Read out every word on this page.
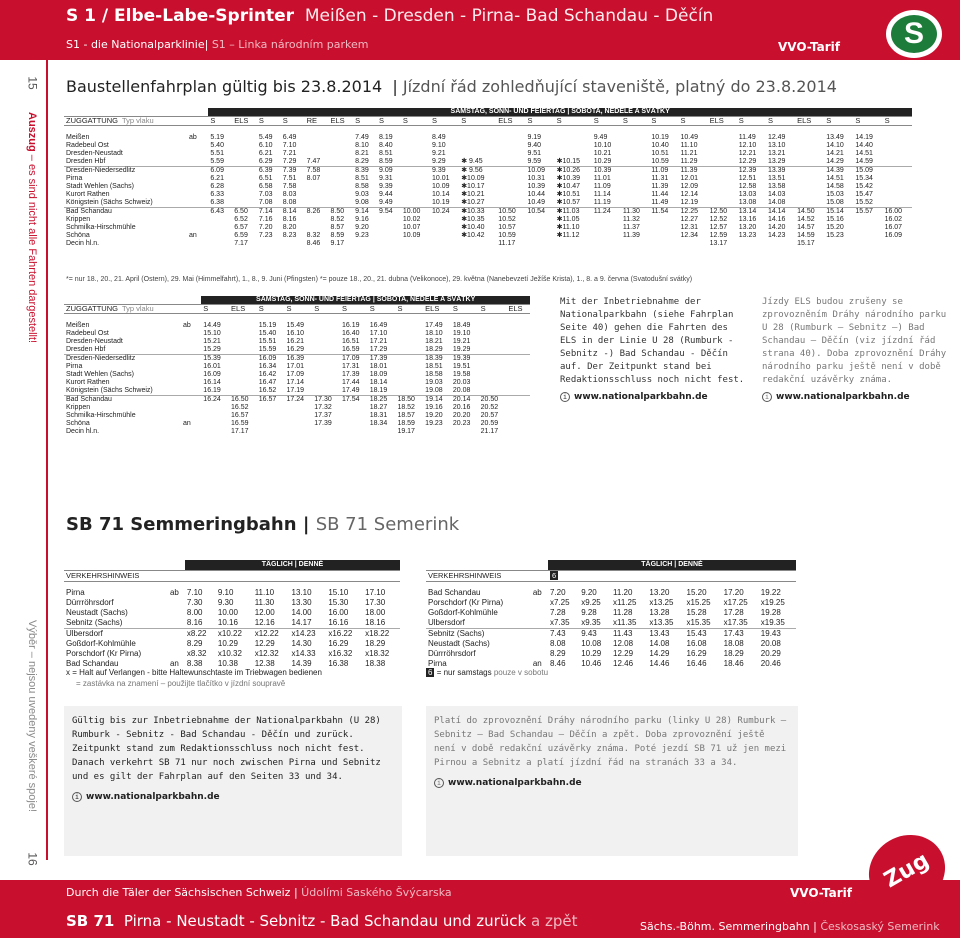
S 1 / Elbe-Labe-Sprinter Meißen - Dresden - Pirna- Bad Schandau - Děčín
S1 - die Nationalparklinie| S1 – Linka národním parkem	VVO-Tarif	S
15
Auszug – es sind nicht alle Fahrten dargestellt!
Výběr – nejsou uvedeny veškeré spoje!
16
Baustellenfahrplan gültig bis 23.8.2014  | Jízdní řád zohledňující staveniště, platný do 23.8.2014
			SAMSTAG, SONN- UND FEIERTAG | SOBOTA, NEDĚLE A SVÁTKY																								
ZUGGATTUNG Typ vlaku			S	ELS	S	S	RE	ELS	S	S	S	S	S	ELS	S	S	S	S	S	S	ELS	S	S	ELS	S	S	S

Meißen	ab		5.19		5.49	6.49			7.49	8.19		8.49			9.19		9.49		10.19	10.49		11.49	12.49		13.49	14.19	
Radebeul Ost			5.40		6.10	7.10			8.10	8.40		9.10			9.40		10.10		10.40	11.10		12.10	13.10		14.10	14.40	
Dresden-Neustadt			5.51		6.21	7.21			8.21	8.51		9.21			9.51		10.21		10.51	11.21		12.21	13.21		14.21	14.51	
Dresden Hbf			5.59		6.29	7.29	7.47		8.29	8.59		9.29	✱ 9.45		9.59	✱10.15	10.29		10.59	11.29		12.29	13.29		14.29	14.59	
Dresden-Niedersedlitz			6.09		6.39	7.39	7.58		8.39	9.09		9.39	✱ 9.56		10.09	✱10.26	10.39		11.09	11.39		12.39	13.39		14.39	15.09	
Pirna			6.21		6.51	7.51	8.07		8.51	9.31		10.01	✱10.09		10.31	✱10.39	11.01		11.31	12.01		12.51	13.51		14.51	15.34	
Stadt Wehlen (Sachs)			6.28		6.58	7.58			8.58	9.39		10.09	✱10.17		10.39	✱10.47	11.09		11.39	12.09		12.58	13.58		14.58	15.42	
Kurort Rathen			6.33		7.03	8.03			9.03	9.44		10.14	✱10.21		10.44	✱10.51	11.14		11.44	12.14		13.03	14.03		15.03	15.47	
Königstein (Sächs Schweiz)			6.38		7.08	8.08			9.08	9.49		10.19	✱10.27		10.49	✱10.57	11.19		11.49	12.19		13.08	14.08		15.08	15.52	
Bad Schandau			6.43	6.50	7.14	8.14	8.26	8.50	9.14	9.54	10.00	10.24	✱10.33	10.50	10.54	✱11.03	11.24	11.30	11.54	12.25	12.50	13.14	14.14	14.50	15.14	15.57	16.00
Krippen				6.52	7.16	8.16		8.52	9.16		10.02		✱10.35	10.52		✱11.05		11.32		12.27	12.52	13.16	14.16	14.52	15.16		16.02
Schmilka-Hirschmühle				6.57	7.20	8.20		8.57	9.20		10.07		✱10.40	10.57		✱11.10		11.37		12.31	12.57	13.20	14.20	14.57	15.20		16.07
Schöna	an			6.59	7.23	8.23	8.32	8.59	9.23		10.09		✱10.42	10.59		✱11.12		11.39		12.34	12.59	13.23	14.23	14.59	15.23		16.09
Decin hl.n.				7.17			8.46	9.17						11.17							13.17			15.17			
*= nur 18., 20., 21. April (Ostern), 29. Mai (Himmelfahrt), 1., 8., 9. Juni (Pfingsten) *= pouze 18., 20., 21. dubna (Velikonoce), 29. května (Nanebevzetí Ježíše Krista), 1., 8. a 9. června (Svatodušní svátky)
			SAMSTAG, SONN- UND FEIERTAG | SOBOTA, NEDĚLE A SVÁTKY											
ZUGGATTUNG Typ vlaku			S	ELS	S	S	S	S	S	S	ELS	S	S	ELS

Meißen	ab		14.49		15.19	15.49		16.19	16.49		17.49	18.49		
Radebeul Ost			15.10		15.40	16.10		16.40	17.10		18.10	19.10		
Dresden-Neustadt			15.21		15.51	16.21		16.51	17.21		18.21	19.21		
Dresden Hbf			15.29		15.59	16.29		16.59	17.29		18.29	19.29		
Dresden-Niedersedlitz			15.39		16.09	16.39		17.09	17.39		18.39	19.39		
Pirna			16.01		16.34	17.01		17.31	18.01		18.51	19.51		
Stadt Wehlen (Sachs)			16.09		16.42	17.09		17.39	18.09		18.58	19.58		
Kurort Rathen			16.14		16.47	17.14		17.44	18.14		19.03	20.03		
Königstein (Sächs Schweiz)			16.19		16.52	17.19		17.49	18.19		19.08	20.08		
Bad Schandau			16.24	16.50	16.57	17.24	17.30	17.54	18.25	18.50	19.14	20.14	20.50	
Krippen				16.52			17.32		18.27	18.52	19.16	20.16	20.52	
Schmilka-Hirschmühle				16.57			17.37		18.31	18.57	19.20	20.20	20.57	
Schöna	an			16.59			17.39		18.34	18.59	19.23	20.23	20.59	
Decin hl.n.				17.17						19.17			21.17	
Mit der Inbetriebnahme der Nationalparkbahn (siehe Fahrplan Seite 40) gehen die Fahrten des ELS in der Linie U 28 (Rumburk - Sebnitz -) Bad Schandau - Děčín auf. Der Zeitpunkt stand bei Redaktionsschluss noch nicht fest.
i www.nationalparkbahn.de
Jízdy ELS budou zrušeny se zprovozněním Dráhy národního parku U 28 (Rumburk – Sebnitz –) Bad Schandau – Děčín (viz jízdní řád strana 40). Doba zprovoznění Dráhy národního parku ještě není v době redakční uzávěrky známa.
i www.nationalparkbahn.de
SB 71 Semmeringbahn | SB 71 Semerink
		TÄGLICH | DENNĚ					
VERKEHRSHINWEIS							

Pirna	ab	7.10	9.10	11.10	13.10	15.10	17.10
Dürrröhrsdorf		7.30	9.30	11.30	13.30	15.30	17.30
Neustadt (Sachs)		8.00	10.00	12.00	14.00	16.00	18.00
Sebnitz (Sachs)		8.16	10.16	12.16	14.17	16.16	18.16
Ulbersdorf		x8.22	x10.22	x12.22	x14.23	x16.22	x18.22
Goßdorf-Kohlmühle		8.29	10.29	12.29	14.30	16.29	18.29
Porschdorf (Kr Pirna)		x8.32	x10.32	x12.32	x14.33	x16.32	x18.32
Bad Schandau	an	8.38	10.38	12.38	14.39	16.38	18.38
x = Halt auf Verlangen - bitte Haltewunschtaste im Triebwagen bedienen
= zastávka na znamení – použijte tlačítko v jízdní soupravě
		TÄGLICH | DENNĚ						
VERKEHRSHINWEIS		6						

Bad Schandau	ab	7.20	9.20	11.20	13.20	15.20	17.20	19.22
Porschdorf (Kr Pirna)		x7.25	x9.25	x11.25	x13.25	x15.25	x17.25	x19.25
Goßdorf-Kohlmühle		7.28	9.28	11.28	13.28	15.28	17.28	19.28
Ulbersdorf		x7.35	x9.35	x11.35	x13.35	x15.35	x17.35	x19.35
Sebnitz (Sachs)		7.43	9.43	11.43	13.43	15.43	17.43	19.43
Neustadt (Sachs)		8.08	10.08	12.08	14.08	16.08	18.08	20.08
Dürrröhrsdorf		8.29	10.29	12.29	14.29	16.29	18.29	20.29
Pirna	an	8.46	10.46	12.46	14.46	16.46	18.46	20.46
6 = nur samstags pouze v sobotu
Gültig bis zur Inbetriebnahme der Nationalparkbahn (U 28) Rumburk - Sebnitz - Bad Schandau - Děčín und zurück. Zeitpunkt stand zum Redaktionsschluss noch nicht fest. Danach verkehrt SB 71 nur noch zwischen Pirna und Sebnitz und es gilt der Fahrplan auf den Seiten 33 und 34.
i www.nationalparkbahn.de
Platí do zprovoznění Dráhy národního parku (linky U 28) Rumburk – Sebnitz – Bad Schandau – Děčín a zpět. Doba zprovoznění ještě není v době redakční uzávěrky známa. Poté jezdí SB 71 už jen mezi Pirnou a Sebnitz a platí jízdní řád na stranách 33 a 34.
i www.nationalparkbahn.de
Durch die Täler der Sächsischen Schweiz | Údolími Saského Švýcarska	VVO-Tarif
SB 71 Pirna - Neustadt - Sebnitz - Bad Schandau und zurück a zpět	Sächs.-Böhm. Semmeringbahn | Českosaský Semerink
Zug
